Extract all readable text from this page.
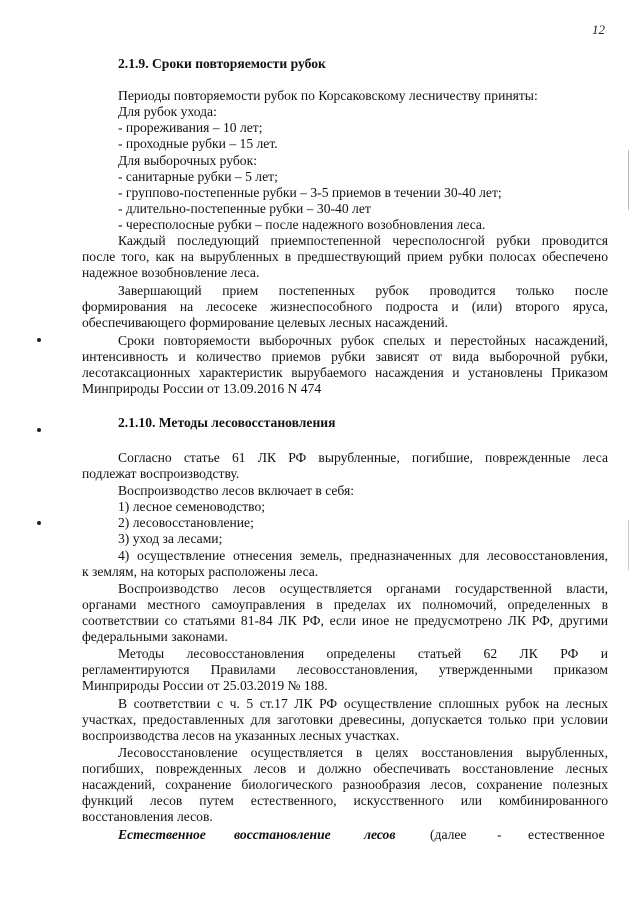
12
2.1.9. Сроки повторяемости рубок
Периоды повторяемости рубок по Корсаковскому лесничеству приняты:
Для рубок ухода:
- прореживания – 10 лет;
- проходные рубки – 15 лет.
Для выборочных рубок:
- санитарные рубки – 5 лет;
- группово-постепенные рубки – 3-5 приемов в течении 30-40 лет;
- длительно-постепенные рубки – 30-40 лет
- чересполосные рубки – после надежного возобновления леса.
Каждый последующий приемпостепенной чересполоснгой рубки проводится
после того, как на вырубленных в предшествующий прием рубки полосах обеспечено
надежное возобновление леса.
Завершающий прием постепенных рубок проводится только после
формирования на лесосеке жизнеспособного подроста и (или) второго яруса,
обеспечивающего формирование целевых лесных насаждений.
Сроки повторяемости выборочных рубок спелых и перестойных насаждений,
интенсивность и количество приемов рубки зависят от вида выборочной рубки,
лесотаксационных характеристик вырубаемого насаждения и установлены Приказом
Минприроды России от 13.09.2016 N 474
2.1.10. Методы лесовосстановления
Согласно статье 61 ЛК РФ вырубленные, погибшие, поврежденные леса
подлежат воспроизводству.
Воспроизводство лесов включает в себя:
1) лесное семеноводство;
2) лесовосстановление;
3) уход за лесами;
4) осуществление отнесения земель, предназначенных для лесовосстановления,
к землям, на которых расположены леса.
Воспроизводство лесов осуществляется органами государственной власти,
органами местного самоуправления в пределах их полномочий, определенных в
соответствии со статьями 81-84 ЛК РФ, если иное не предусмотрено ЛК РФ, другими
федеральными законами.
Методы лесовосстановления определены статьей 62 ЛК РФ и
регламентируются Правилами лесовосстановления, утвержденными приказом
Минприроды России от 25.03.2019 № 188.
В соответствии с ч. 5 ст.17 ЛК РФ осуществление сплошных рубок на лесных
участках, предоставленных для заготовки древесины, допускается только при условии
воспроизводства лесов на указанных лесных участках.
Лесовосстановление осуществляется в целях восстановления вырубленных,
погибших, поврежденных лесов и должно обеспечивать восстановление лесных
насаждений, сохранение биологического разнообразия лесов, сохранение полезных
функций лесов путем естественного, искусственного или комбинированного
восстановления лесов.
Естественное восстановление лесов	(далее - естественное
